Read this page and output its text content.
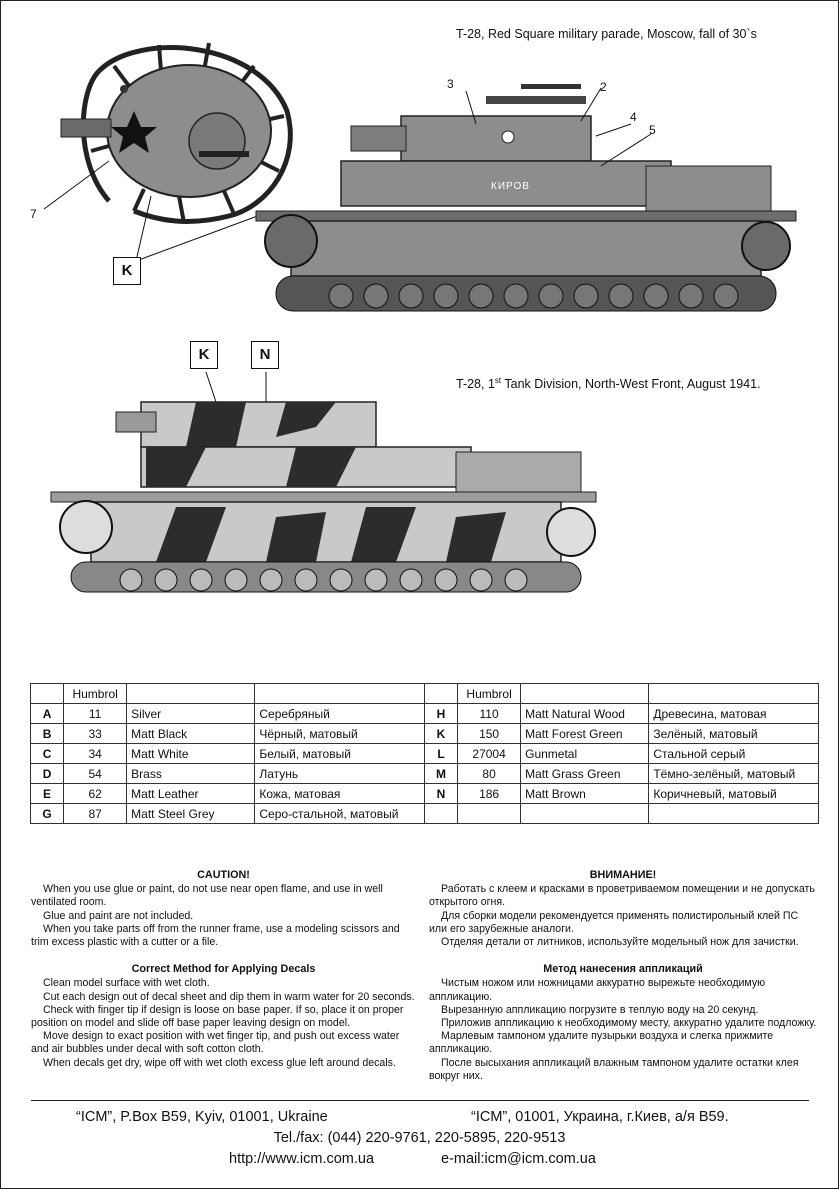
T-28, Red Square military parade, Moscow, fall of 30`s
7
K
КИРОВ
3	2
4
5
K	N
T-28, 1st Tank Division, North-West Front, August 1941.
	Humbrol				Humbrol		
A	11	Silver	Серебряный	H	110	Matt Natural Wood	Древесина, матовая
B	33	Matt Black	Чёрный, матовый	K	150	Matt Forest Green	Зелёный, матовый
C	34	Matt White	Белый, матовый	L	27004	Gunmetal	Стальной серый
D	54	Brass	Латунь	M	80	Matt Grass Green	Тёмно-зелёный, матовый
E	62	Matt Leather	Кожа, матовая	N	186	Matt Brown	Коричневый, матовый
G	87	Matt Steel Grey	Серо-стальной, матовый				
CAUTION!

When you use glue or paint, do not use near open flame, and use in well ventilated room.

Glue and paint are not included.

When you take parts off from the runner frame, use a modeling scissors and trim excess plastic with a cutter or a file.

Correct Method for Applying Decals

Clean model surface with wet cloth.

Cut each design out of decal sheet and dip them in warm water for 20 seconds.

Check with finger tip if design is loose on base paper. If so, place it on proper position on model and slide off base paper leaving design on model.

Move design to exact position with wet finger tip, and push out excess water and air bubbles under decal with soft cotton cloth.

When decals get dry, wipe off with wet cloth excess glue left around decals.

ВНИМАНИЕ!

Работать с клеем и красками в проветриваемом помещении и не допускать открытого огня.

Для сборки модели рекомендуется применять полистирольный клей ПС или его зарубежные аналоги.

Отделяя детали от литников, используйте модельный нож для зачистки.

Метод нанесения аппликаций

Чистым ножом или ножницами аккуратно вырежьте необходимую аппликацию.

Вырезанную аппликацию погрузите в теплую воду на 20 секунд.

Приложив аппликацию к необходимому месту, аккуратно удалите подложку.

Марлевым тампоном удалите пузырьки воздуха и слегка прижмите аппликацию.

После высыхания аппликаций влажным тампоном удалите остатки клея вокруг них.

“ICM”, P.Box B59, Kyiv, 01001, Ukraine	“ICM”, 01001, Украина, г.Киев, а/я B59.
Tel./fax: (044) 220-9761, 220-5895, 220-9513
http://www.icm.com.ua	e-mail:icm@icm.com.ua
